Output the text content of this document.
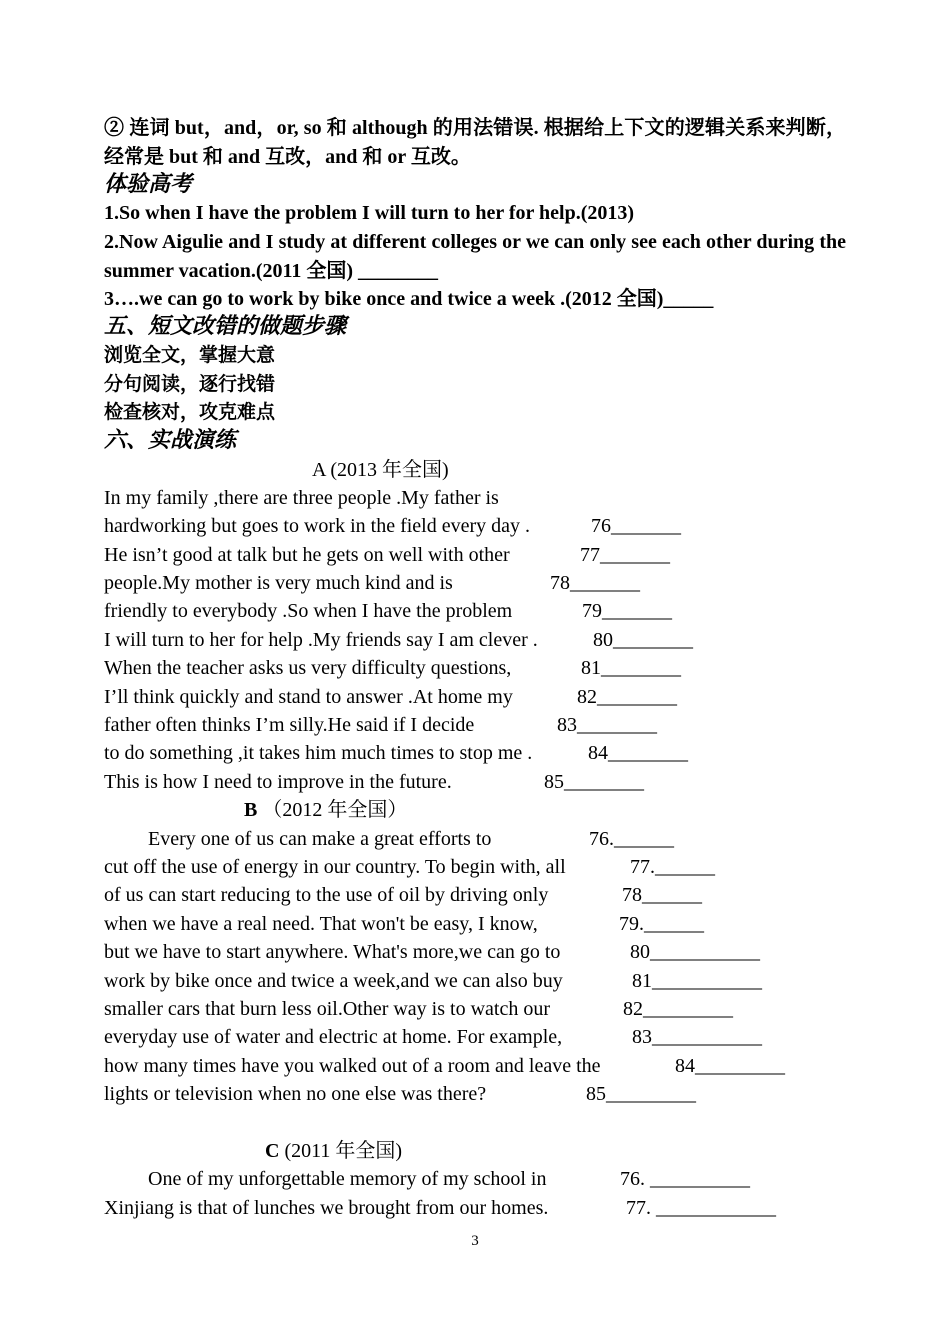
② 连词 but，and，or, so 和 although 的用法错误. 根据给上下文的逻辑关系来判断，经常是 but 和 and 互改，and 和 or 互改。
体验高考
1.So when I have the problem I will turn to her for help.(2013)
2.Now Aigulie and I study at different colleges or we can only see each other during the summer vacation.(2011 全国) ________
3….we can go to work by bike once and twice a week .(2012 全国)_____
五、短文改错的做题步骤
浏览全文，掌握大意
分句阅读，逐行找错
检查核对，攻克难点
六、实战演练
A (2013 年全国)
In my family ,there are three people .My father is
hardworking but goes to work in the field every day .	76_______
He isn’t good at talk but he gets on well with other	77_______
people.My mother is very much kind and is	78_______
friendly to everybody .So when I have the problem	79_______
I will turn to her for help .My friends say I am clever .	80________
When the teacher asks us very difficulty questions,	81________
I’ll think quickly and stand to answer .At home my	82________
father often thinks I’m silly.He said if I decide	83________
to do something ,it takes him much times to stop me .	84________
This is how I need to improve in the future.	85________
B （2012 年全国）
Every one of us can make a great efforts to	76.______
cut off the use of energy in our country. To begin with, all	77.______
of us can start reducing to the use of oil by driving only	78______
when we have a real need. That won't be easy, I know,	79.______
but we have to start anywhere. What's more,we can go to	80___________
work by bike once and twice a week,and we can also buy	81___________
smaller cars that burn less oil.Other way is to watch our	82_________
everyday use of water and electric at home. For example,	83___________
how many times have you walked out of a room and leave the	84_________
lights or television when no one else was there?	85_________
C (2011 年全国)
One of my unforgettable memory of my school in	76. __________
Xinjiang is that of lunches we brought from our homes.	77. ____________
3
